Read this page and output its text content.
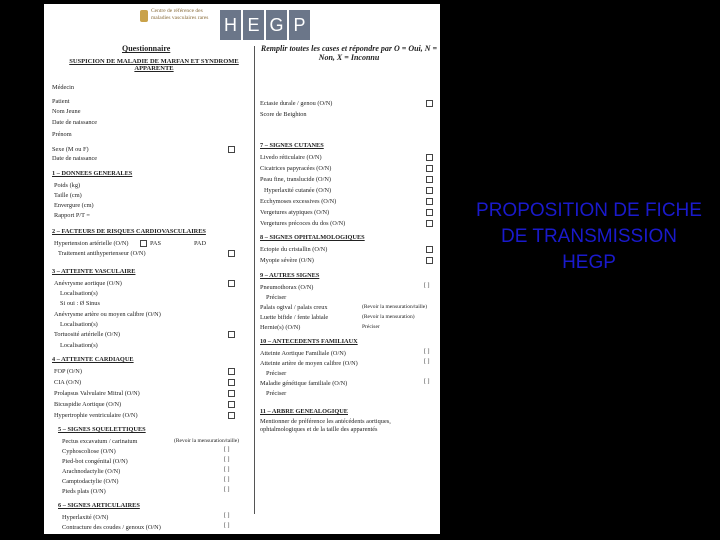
Centre de référence des maladies vasculaires rares H E G P
Questionnaire
SUSPICION DE MALADIE DE MARFAN ET SYNDROME APPARENTE
Remplir toutes les cases et répondre par O = Oui, N = Non, X = Inconnu
Médecin
Patient
Nom Jeune
Date de naissance
Prénom
Sexe (M ou F)
Date de naissance
Ectasie durale / genou (O/N)
Score de Beighton
1 – DONNEES GENERALES
Poids (kg)
Taille (cm)
Envergure (cm)
Rapport P/T =
2 – FACTEURS DE RISQUES CARDIOVASCULAIRES
Hypertension artérielle (O/N)	PAS	PAD
Traitement antihypertenseur (O/N)
3 – ATTEINTE VASCULAIRE
Anévrysme aortique (O/N)
Localisation(s)
Si oui : Ø Sinus
Anévrysme artère ou moyen calibre (O/N)
Localisation(s)
Tortuosité artérielle (O/N)
Localisation(s)
4 – ATTEINTE CARDIAQUE
FOP (O/N)
CIA (O/N)
Prolapsus Valvulaire Mitral (O/N)
Bicuspidie Aortique (O/N)
Hypertrophie ventriculaire (O/N)
5 – SIGNES SQUELETTIQUES
Pectus excavatum / carinatum	(Revoir la mensuration/taille)
Cyphoscoliose (O/N)	[ ]
Pied-bot congénital (O/N)	[ ]
Arachnodactylie (O/N)	[ ]
Camptodactylie (O/N)	[ ]
Pieds plats (O/N)	[ ]
6 – SIGNES ARTICULAIRES
Hyperlaxité (O/N)	[ ]
Contracture des coudes / genoux (O/N)	[ ]
7 – SIGNES CUTANES
Livedo réticulaire (O/N)
Cicatrices papyracées (O/N)
Peau fine, translucide (O/N)
Hyperlaxité cutanée (O/N)
Ecchymoses excessives (O/N)
Vergetures atypiques (O/N)
Vergetures précoces du dos (O/N)
8 – SIGNES OPHTALMOLOGIQUES
Ectopie du cristallin (O/N)
Myopie sévère (O/N)
9 – AUTRES SIGNES
Pneumothorax (O/N)	[ ]
Préciser
Palais ogival / palais creux	(Revoir la mensuration/taille)
Luette bifide / fente labiale	(Revoir la mensuration)
Hernie(s) (O/N)	Préciser
10 – ANTECEDENTS FAMILIAUX
Atteinte Aortique Familiale (O/N)	[ ]
Atteinte artère de moyen calibre (O/N)	[ ]
Préciser
Maladie génétique familiale (O/N)	[ ]
Préciser
11 – ARBRE GENEALOGIQUE
Mentionner de préférence les antécédents aortiques, ophtalmologiques et de la taille des apparentés
PROPOSITION DE FICHE
DE TRANSMISSION
HEGP
